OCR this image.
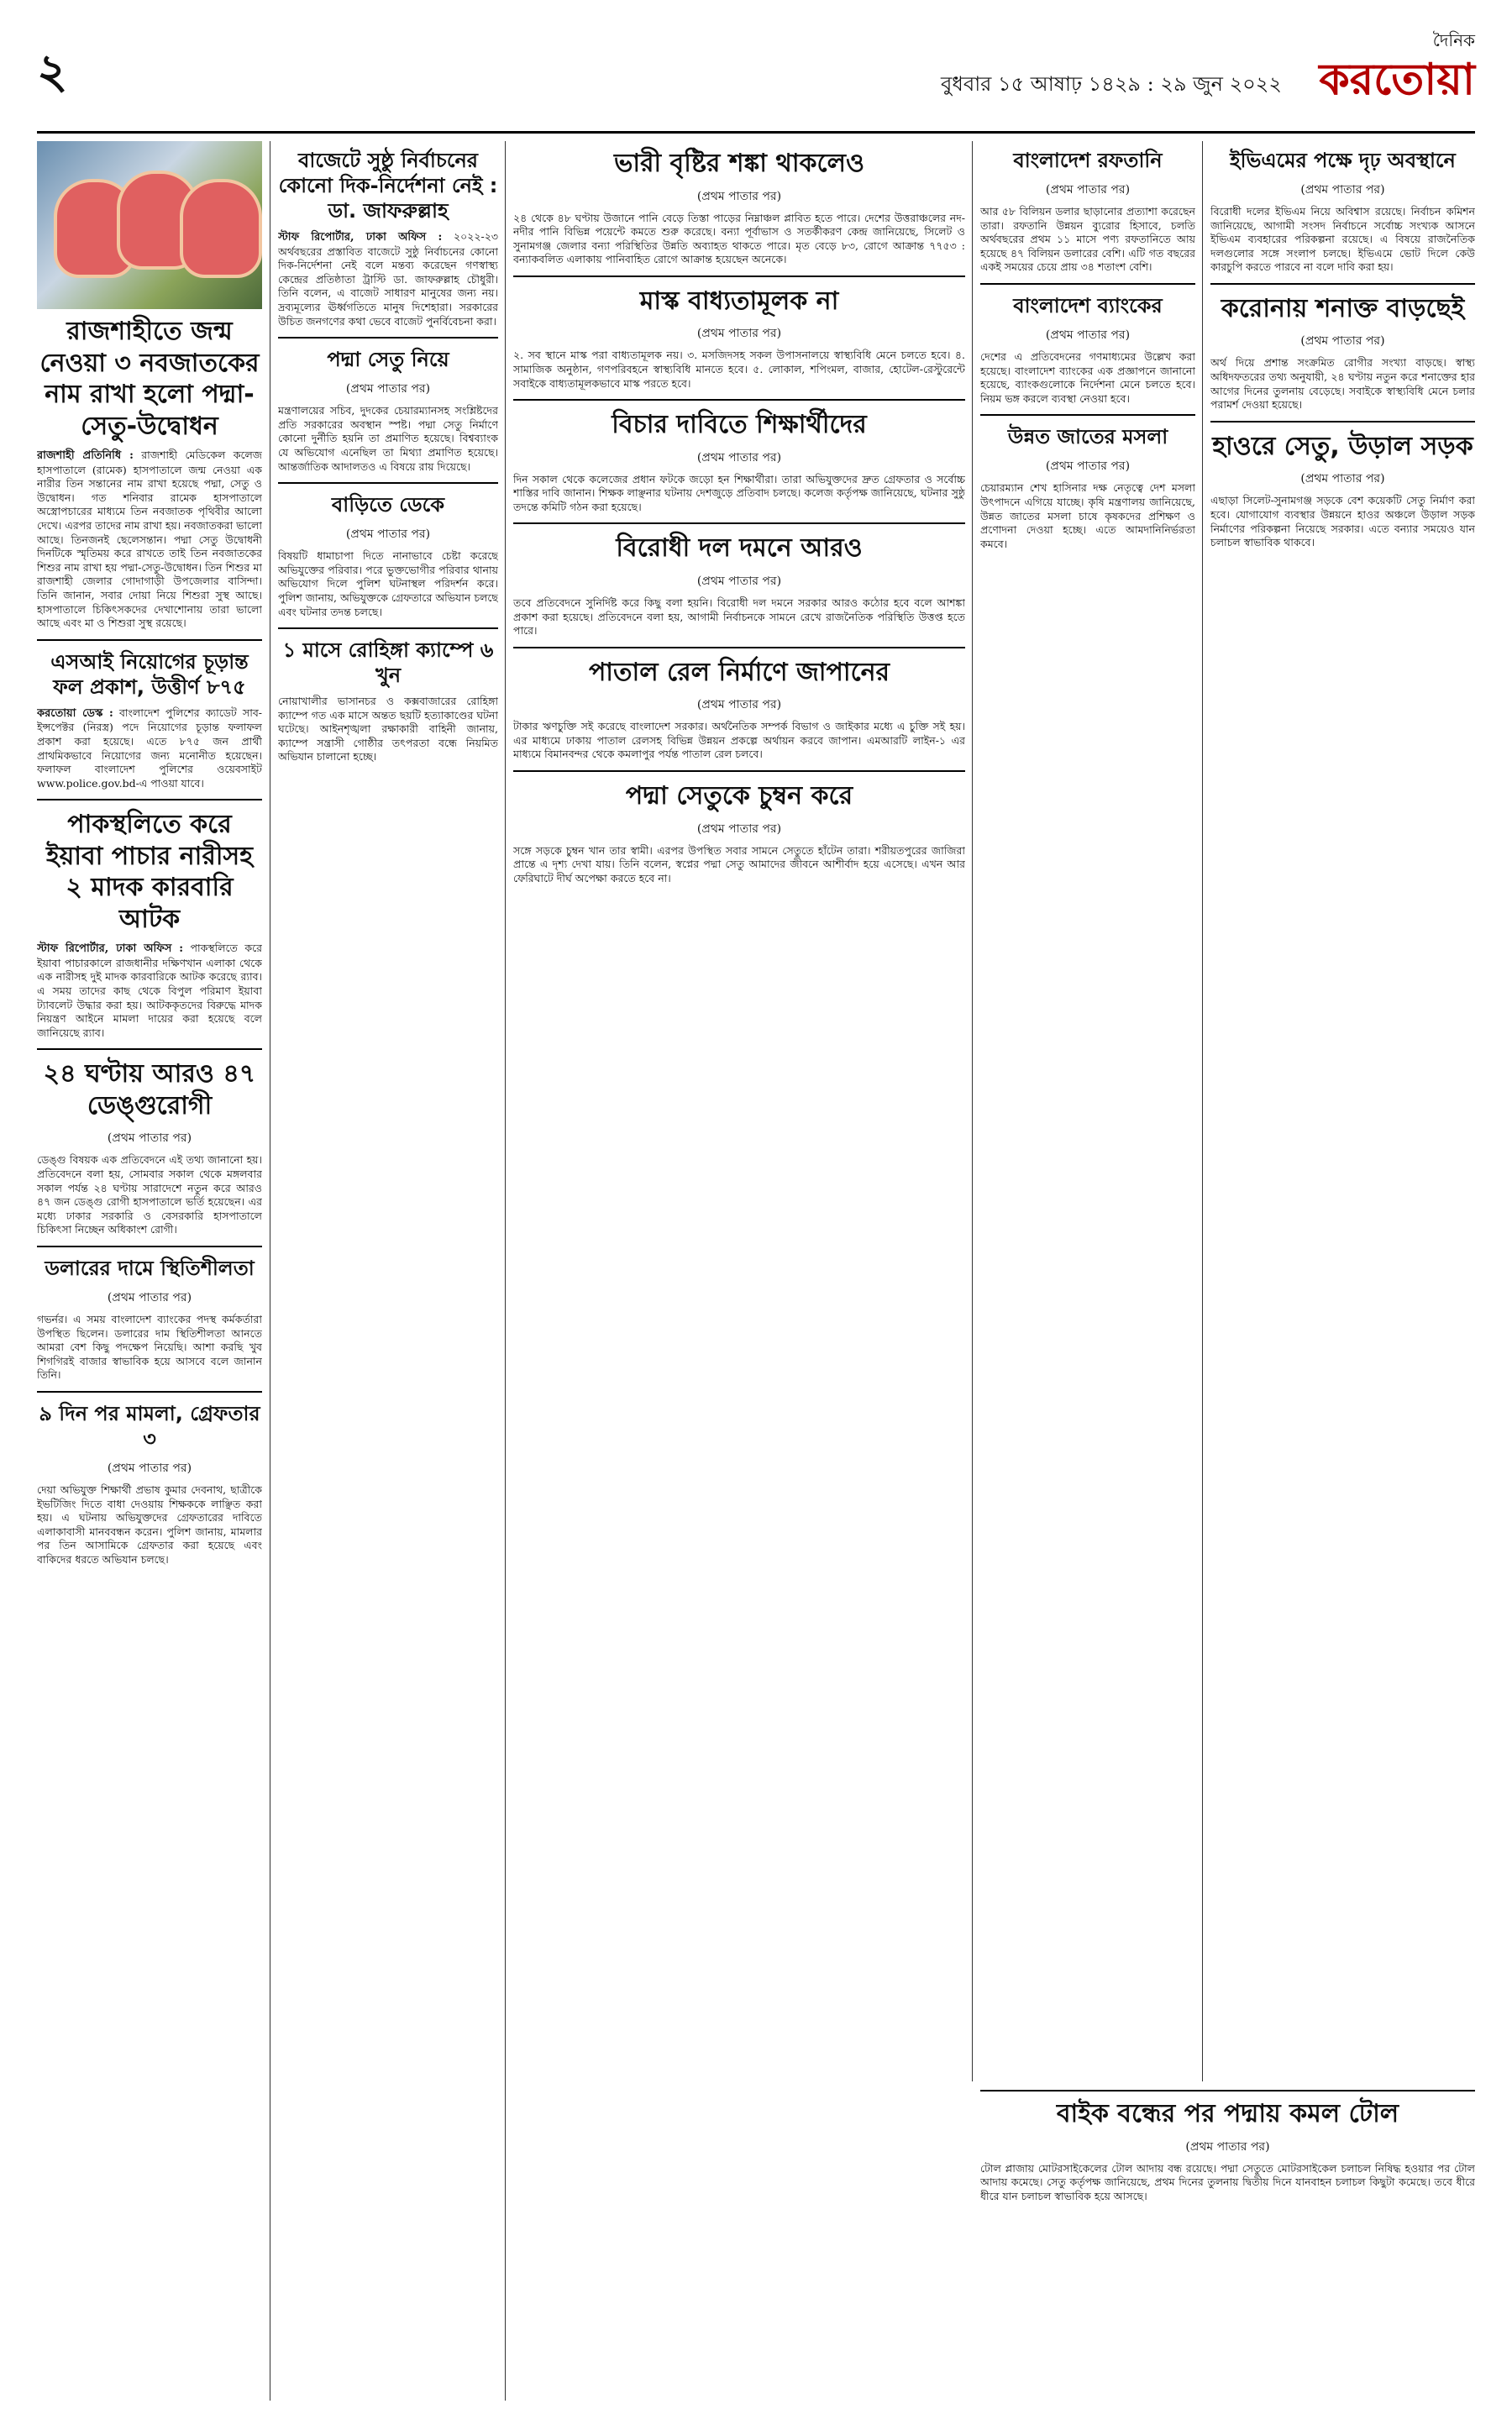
২	বুধবার ১৫ আষাঢ় ১৪২৯ : ২৯ জুন ২০২২
দৈনিক
করতোয়া
রাজশাহীতে জন্ম নেওয়া ৩ নবজাতকের নাম রাখা হলো পদ্মা-সেতু-উদ্বোধন

রাজশাহী প্রতিনিধি : রাজশাহী মেডিকেল কলেজ হাসপাতালে (রামেক) হাসপাতালে জন্ম নেওয়া এক নারীর তিন সন্তানের নাম রাখা হয়েছে পদ্মা, সেতু ও উদ্বোধন। গত শনিবার রামেক হাসপাতালে অস্ত্রোপচারের মাধ্যমে তিন নবজাতক পৃথিবীর আলো দেখে। এরপর তাদের নাম রাখা হয়। নবজাতকরা ভালো আছে। তিনজনই ছেলেসন্তান। পদ্মা সেতু উদ্বোধনী দিনটিকে স্মৃতিময় করে রাখতে তাই তিন নবজাতকের শিশুর নাম রাখা হয় পদ্মা-সেতু-উদ্বোধন। তিন শিশুর মা রাজশাহী জেলার গোদাগাড়ী উপজেলার বাসিন্দা। তিনি জানান, সবার দোয়া নিয়ে শিশুরা সুস্থ আছে। হাসপাতালে চিকিৎসকদের দেখাশোনায় তারা ভালো আছে এবং মা ও শিশুরা সুস্থ রয়েছে।

এসআই নিয়োগের চূড়ান্ত ফল প্রকাশ, উত্তীর্ণ ৮৭৫

করতোয়া ডেস্ক : বাংলাদেশ পুলিশের ক্যাডেট সাব-ইন্সপেক্টর (নিরস্ত্র) পদে নিয়োগের চূড়ান্ত ফলাফল প্রকাশ করা হয়েছে। এতে ৮৭৫ জন প্রার্থী প্রাথমিকভাবে নিয়োগের জন্য মনোনীত হয়েছেন। ফলাফল বাংলাদেশ পুলিশের ওয়েবসাইট www.police.gov.bd-এ পাওয়া যাবে।

পাকস্থলিতে করে ইয়াবা পাচার নারীসহ ২ মাদক কারবারি আটক

স্টাফ রিপোর্টার, ঢাকা অফিস : পাকস্থলিতে করে ইয়াবা পাচারকালে রাজধানীর দক্ষিণখান এলাকা থেকে এক নারীসহ দুই মাদক কারবারিকে আটক করেছে র‍্যাব। এ সময় তাদের কাছ থেকে বিপুল পরিমাণ ইয়াবা ট্যাবলেট উদ্ধার করা হয়। আটককৃতদের বিরুদ্ধে মাদক নিয়ন্ত্রণ আইনে মামলা দায়ের করা হয়েছে বলে জানিয়েছে র‍্যাব।

২৪ ঘণ্টায় আরও ৪৭ ডেঙ্গুরোগী
(প্রথম পাতার পর)

ডেঙ্গু বিষয়ক এক প্রতিবেদনে এই তথ্য জানানো হয়। প্রতিবেদনে বলা হয়, সোমবার সকাল থেকে মঙ্গলবার সকাল পর্যন্ত ২৪ ঘণ্টায় সারাদেশে নতুন করে আরও ৪৭ জন ডেঙ্গু রোগী হাসপাতালে ভর্তি হয়েছেন। এর মধ্যে ঢাকার সরকারি ও বেসরকারি হাসপাতালে চিকিৎসা নিচ্ছেন অধিকাংশ রোগী।

ডলারের দামে স্থিতিশীলতা
(প্রথম পাতার পর)

গভর্নর। এ সময় বাংলাদেশ ব্যাংকের পদস্থ কর্মকর্তারা উপস্থিত ছিলেন। ডলারের দাম স্থিতিশীলতা আনতে আমরা বেশ কিছু পদক্ষেপ নিয়েছি। আশা করছি খুব শিগগিরই বাজার স্বাভাবিক হয়ে আসবে বলে জানান তিনি।

৯ দিন পর মামলা, গ্রেফতার ৩
(প্রথম পাতার পর)

দেয়া অভিযুক্ত শিক্ষার্থী প্রভাষ কুমার দেবনাথ, ছাত্রীকে ইভটিজিং দিতে বাধা দেওয়ায় শিক্ষককে লাঞ্ছিত করা হয়। এ ঘটনায় অভিযুক্তদের গ্রেফতারের দাবিতে এলাকাবাসী মানববন্ধন করেন। পুলিশ জানায়, মামলার পর তিন আসামিকে গ্রেফতার করা হয়েছে এবং বাকিদের ধরতে অভিযান চলছে।

বাজেটে সুষ্ঠু নির্বাচনের কোনো দিক-নির্দেশনা নেই : ডা. জাফরুল্লাহ

স্টাফ রিপোর্টার, ঢাকা অফিস : ২০২২-২৩ অর্থবছরের প্রস্তাবিত বাজেটে সুষ্ঠু নির্বাচনের কোনো দিক-নির্দেশনা নেই বলে মন্তব্য করেছেন গণস্বাস্থ্য কেন্দ্রের প্রতিষ্ঠাতা ট্রাস্টি ডা. জাফরুল্লাহ চৌধুরী। তিনি বলেন, এ বাজেট সাধারণ মানুষের জন্য নয়। দ্রব্যমূল্যের ঊর্ধ্বগতিতে মানুষ দিশেহারা। সরকারের উচিত জনগণের কথা ভেবে বাজেট পুনর্বিবেচনা করা।

পদ্মা সেতু নিয়ে
(প্রথম পাতার পর)

মন্ত্রণালয়ের সচিব, দুদকের চেয়ারম্যানসহ সংশ্লিষ্টদের প্রতি সরকারের অবস্থান স্পষ্ট। পদ্মা সেতু নির্মাণে কোনো দুর্নীতি হয়নি তা প্রমাণিত হয়েছে। বিশ্বব্যাংক যে অভিযোগ এনেছিল তা মিথ্যা প্রমাণিত হয়েছে। আন্তর্জাতিক আদালতও এ বিষয়ে রায় দিয়েছে।

বাড়িতে ডেকে
(প্রথম পাতার পর)

বিষয়টি ধামাচাপা দিতে নানাভাবে চেষ্টা করেছে অভিযুক্তের পরিবার। পরে ভুক্তভোগীর পরিবার থানায় অভিযোগ দিলে পুলিশ ঘটনাস্থল পরিদর্শন করে। পুলিশ জানায়, অভিযুক্তকে গ্রেফতারে অভিযান চলছে এবং ঘটনার তদন্ত চলছে।

১ মাসে রোহিঙ্গা ক্যাম্পে ৬ খুন

নোয়াখালীর ভাসানচর ও কক্সবাজারের রোহিঙ্গা ক্যাম্পে গত এক মাসে অন্তত ছয়টি হত্যাকাণ্ডের ঘটনা ঘটেছে। আইনশৃঙ্খলা রক্ষাকারী বাহিনী জানায়, ক্যাম্পে সন্ত্রাসী গোষ্ঠীর তৎপরতা বন্ধে নিয়মিত অভিযান চালানো হচ্ছে।

ভারী বৃষ্টির শঙ্কা থাকলেও
(প্রথম পাতার পর)

২৪ থেকে ৪৮ ঘণ্টায় উজানে পানি বেড়ে তিস্তা পাড়ের নিম্নাঞ্চল প্লাবিত হতে পারে। দেশের উত্তরাঞ্চলের নদ-নদীর পানি বিভিন্ন পয়েন্টে কমতে শুরু করেছে। বন্যা পূর্বাভাস ও সতর্কীকরণ কেন্দ্র জানিয়েছে, সিলেট ও সুনামগঞ্জ জেলার বন্যা পরিস্থিতির উন্নতি অব্যাহত থাকতে পারে। মৃত বেড়ে ৮৩, রোগে আক্রান্ত ৭৭৫৩ : বন্যাকবলিত এলাকায় পানিবাহিত রোগে আক্রান্ত হয়েছেন অনেকে।

মাস্ক বাধ্যতামূলক না
(প্রথম পাতার পর)

২. সব স্থানে মাস্ক পরা বাধ্যতামূলক নয়। ৩. মসজিদসহ সকল উপাসনালয়ে স্বাস্থ্যবিধি মেনে চলতে হবে। ৪. সামাজিক অনুষ্ঠান, গণপরিবহনে স্বাস্থ্যবিধি মানতে হবে। ৫. লোকাল, শপিংমল, বাজার, হোটেল-রেস্টুরেন্টে সবাইকে বাধ্যতামূলকভাবে মাস্ক পরতে হবে।

বিচার দাবিতে শিক্ষার্থীদের
(প্রথম পাতার পর)

দিন সকাল থেকে কলেজের প্রধান ফটকে জড়ো হন শিক্ষার্থীরা। তারা অভিযুক্তদের দ্রুত গ্রেফতার ও সর্বোচ্চ শাস্তির দাবি জানান। শিক্ষক লাঞ্ছনার ঘটনায় দেশজুড়ে প্রতিবাদ চলছে। কলেজ কর্তৃপক্ষ জানিয়েছে, ঘটনার সুষ্ঠু তদন্তে কমিটি গঠন করা হয়েছে।

বিরোধী দল দমনে আরও
(প্রথম পাতার পর)

তবে প্রতিবেদনে সুনির্দিষ্ট করে কিছু বলা হয়নি। বিরোধী দল দমনে সরকার আরও কঠোর হবে বলে আশঙ্কা প্রকাশ করা হয়েছে। প্রতিবেদনে বলা হয়, আগামী নির্বাচনকে সামনে রেখে রাজনৈতিক পরিস্থিতি উত্তপ্ত হতে পারে।

পাতাল রেল নির্মাণে জাপানের
(প্রথম পাতার পর)

টাকার ঋণচুক্তি সই করেছে বাংলাদেশ সরকার। অর্থনৈতিক সম্পর্ক বিভাগ ও জাইকার মধ্যে এ চুক্তি সই হয়। এর মাধ্যমে ঢাকায় পাতাল রেলসহ বিভিন্ন উন্নয়ন প্রকল্পে অর্থায়ন করবে জাপান। এমআরটি লাইন-১ এর মাধ্যমে বিমানবন্দর থেকে কমলাপুর পর্যন্ত পাতাল রেল চলবে।

পদ্মা সেতুকে চুম্বন করে
(প্রথম পাতার পর)

সঙ্গে সড়কে চুম্বন খান তার স্বামী। এরপর উপস্থিত সবার সামনে সেতুতে হাঁটেন তারা। শরীয়তপুরের জাজিরা প্রান্তে এ দৃশ্য দেখা যায়। তিনি বলেন, স্বপ্নের পদ্মা সেতু আমাদের জীবনে আশীর্বাদ হয়ে এসেছে। এখন আর ফেরিঘাটে দীর্ঘ অপেক্ষা করতে হবে না।

বাংলাদেশ রফতানি
(প্রথম পাতার পর)

আর ৫৮ বিলিয়ন ডলার ছাড়ানোর প্রত্যাশা করেছেন তারা। রফতানি উন্নয়ন ব্যুরোর হিসাবে, চলতি অর্থবছরের প্রথম ১১ মাসে পণ্য রফতানিতে আয় হয়েছে ৪৭ বিলিয়ন ডলারের বেশি। এটি গত বছরের একই সময়ের চেয়ে প্রায় ৩৪ শতাংশ বেশি।

বাংলাদেশ ব্যাংকের
(প্রথম পাতার পর)

দেশের এ প্রতিবেদনের গণমাধ্যমের উল্লেখ করা হয়েছে। বাংলাদেশ ব্যাংকের এক প্রজ্ঞাপনে জানানো হয়েছে, ব্যাংকগুলোকে নির্দেশনা মেনে চলতে হবে। নিয়ম ভঙ্গ করলে ব্যবস্থা নেওয়া হবে।

উন্নত জাতের মসলা
(প্রথম পাতার পর)

চেয়ারম্যান শেখ হাসিনার দক্ষ নেতৃত্বে দেশ মসলা উৎপাদনে এগিয়ে যাচ্ছে। কৃষি মন্ত্রণালয় জানিয়েছে, উন্নত জাতের মসলা চাষে কৃষকদের প্রশিক্ষণ ও প্রণোদনা দেওয়া হচ্ছে। এতে আমদানিনির্ভরতা কমবে।

ইভিএমের পক্ষে দৃঢ় অবস্থানে
(প্রথম পাতার পর)

বিরোধী দলের ইভিএম নিয়ে অবিশ্বাস রয়েছে। নির্বাচন কমিশন জানিয়েছে, আগামী সংসদ নির্বাচনে সর্বোচ্চ সংখ্যক আসনে ইভিএম ব্যবহারের পরিকল্পনা রয়েছে। এ বিষয়ে রাজনৈতিক দলগুলোর সঙ্গে সংলাপ চলছে। ইভিএমে ভোট দিলে কেউ কারচুপি করতে পারবে না বলে দাবি করা হয়।

করোনায় শনাক্ত বাড়ছেই
(প্রথম পাতার পর)

অর্থ দিয়ে প্রশান্ত সংক্রমিত রোগীর সংখ্যা বাড়ছে। স্বাস্থ্য অধিদফতরের তথ্য অনুযায়ী, ২৪ ঘণ্টায় নতুন করে শনাক্তের হার আগের দিনের তুলনায় বেড়েছে। সবাইকে স্বাস্থ্যবিধি মেনে চলার পরামর্শ দেওয়া হয়েছে।

হাওরে সেতু, উড়াল সড়ক
(প্রথম পাতার পর)

এছাড়া সিলেট-সুনামগঞ্জ সড়কে বেশ কয়েকটি সেতু নির্মাণ করা হবে। যোগাযোগ ব্যবস্থার উন্নয়নে হাওর অঞ্চলে উড়াল সড়ক নির্মাণের পরিকল্পনা নিয়েছে সরকার। এতে বন্যার সময়েও যান চলাচল স্বাভাবিক থাকবে।

বাইক বন্ধের পর পদ্মায় কমল টোল
(প্রথম পাতার পর)

টোল প্লাজায় মোটরসাইকেলের টোল আদায় বন্ধ রয়েছে। পদ্মা সেতুতে মোটরসাইকেল চলাচল নিষিদ্ধ হওয়ার পর টোল আদায় কমেছে। সেতু কর্তৃপক্ষ জানিয়েছে, প্রথম দিনের তুলনায় দ্বিতীয় দিনে যানবাহন চলাচল কিছুটা কমেছে। তবে ধীরে ধীরে যান চলাচল স্বাভাবিক হয়ে আসছে।
